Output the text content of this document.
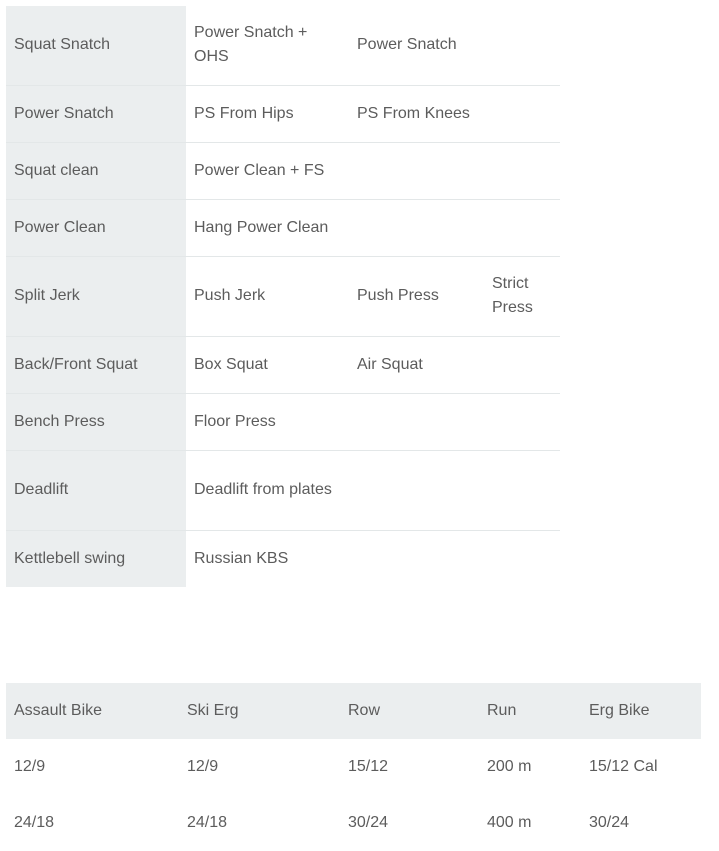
Squat Snatch	Power Snatch + OHS	Power Snatch	
Power Snatch	PS From Hips	PS From Knees	
Squat clean	Power Clean + FS		
Power Clean	Hang Power Clean		
Split Jerk	Push Jerk	Push Press	Strict Press
Back/Front Squat	Box Squat	Air Squat	
Bench Press	Floor Press		
Deadlift	Deadlift from plates		
Kettlebell swing	Russian KBS		
Assault Bike	Ski Erg	Row	Run	Erg Bike
12/9	12/9	15/12	200 m	15/12 Cal
24/18	24/18	30/24	400 m	30/24
